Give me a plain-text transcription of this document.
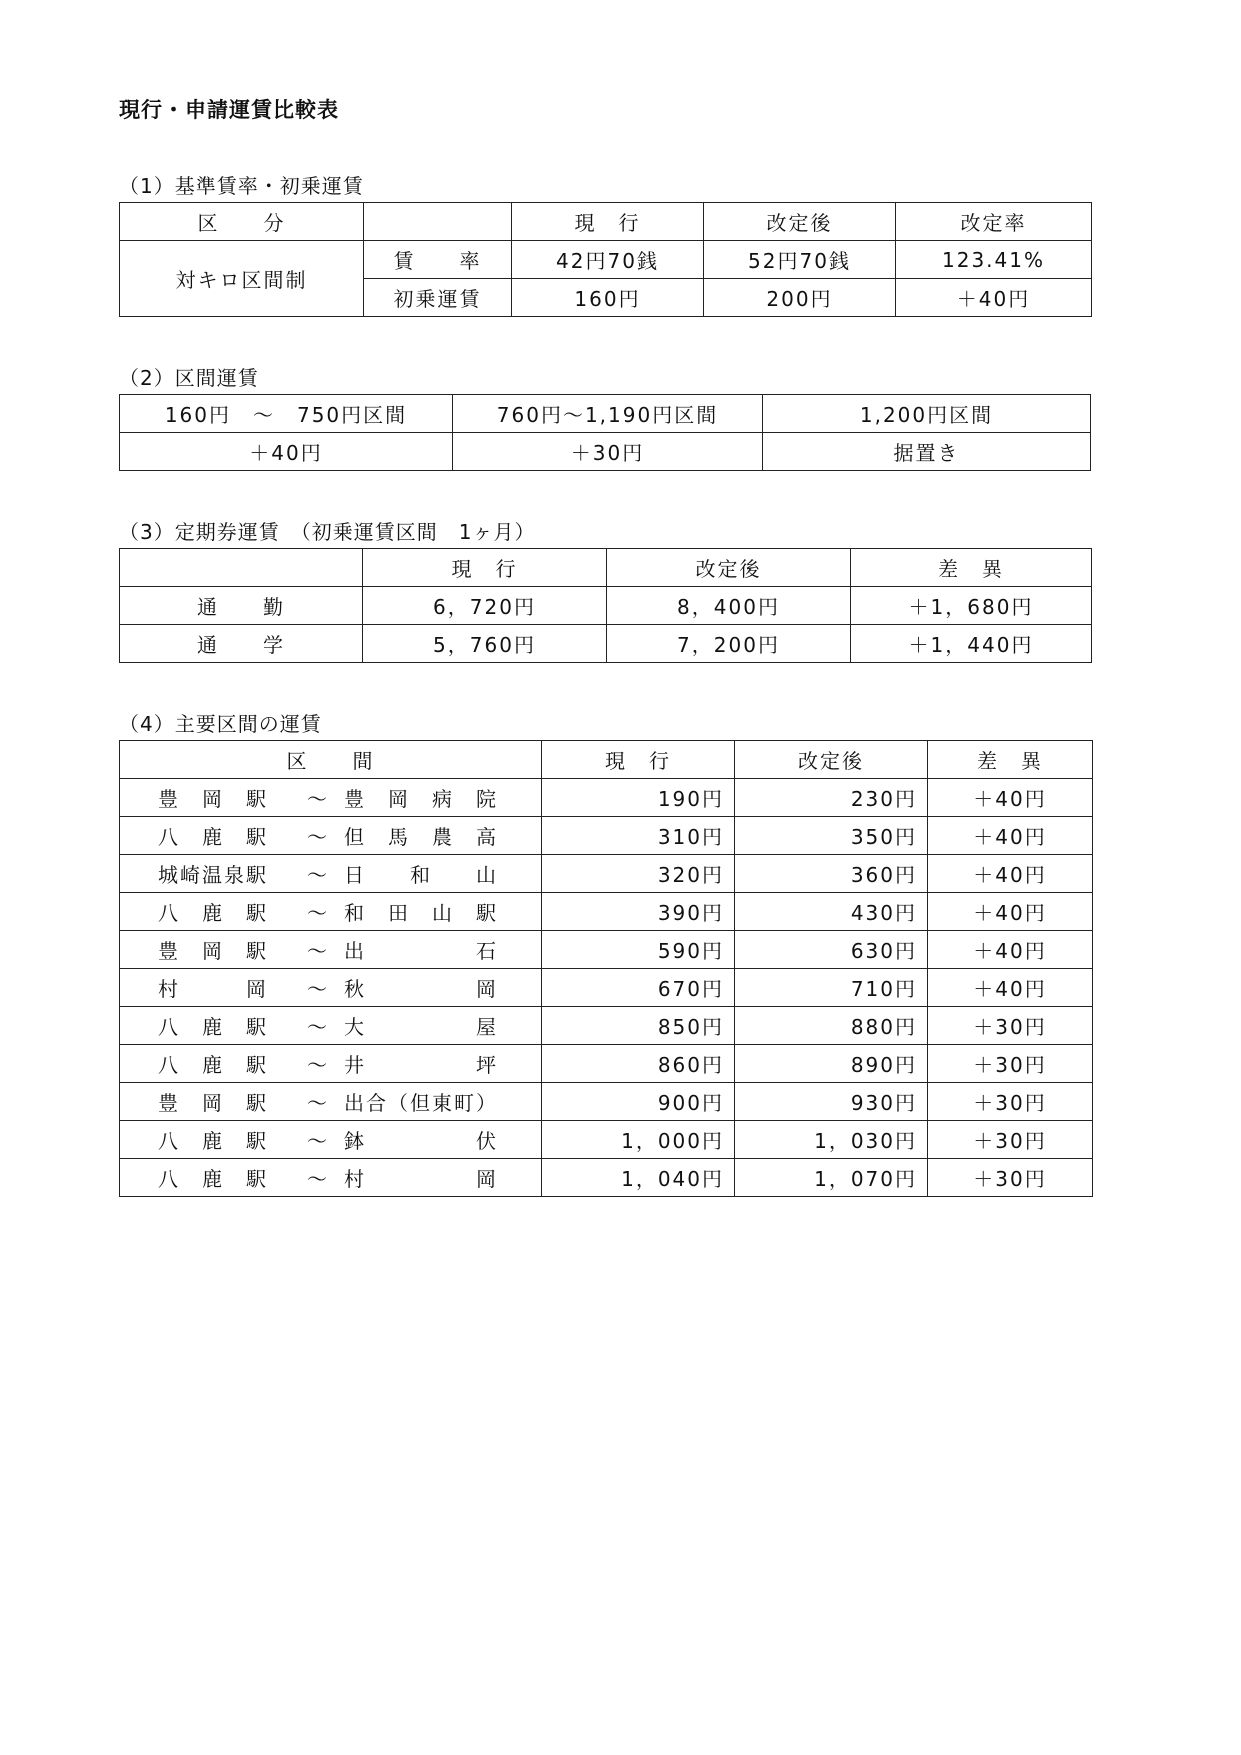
現行・申請運賃比較表
（1）基準賃率・初乗運賃
区　　分		現　行	改定後	改定率
対キロ区間制	賃　　率	42円70銭	52円70銭	123.41%
	初乗運賃	160円	200円	＋40円
（2）区間運賃
160円　～　750円区間	760円～1,190円区間	1,200円区間
＋40円	＋30円	据置き
（3）定期券運賃　（初乗運賃区間　1ヶ月）
	現　行	改定後	差　異
通　　勤	6，720円	8，400円	＋1，680円
通　　学	5，760円	7，200円	＋1，440円
（4）主要区間の運賃
区　　間	現　行	改定後	差　異
豊　岡　駅 ～ 豊　岡　病　院	190円	230円	＋40円
八　鹿　駅 ～ 但　馬　農　高	310円	350円	＋40円
城崎温泉駅 ～ 日　　和　　山	320円	360円	＋40円
八　鹿　駅 ～ 和　田　山　駅	390円	430円	＋40円
豊　岡　駅 ～ 出　　　　　石	590円	630円	＋40円
村　　　岡 ～ 秋　　　　　岡	670円	710円	＋40円
八　鹿　駅 ～ 大　　　　　屋	850円	880円	＋30円
八　鹿　駅 ～ 井　　　　　坪	860円	890円	＋30円
豊　岡　駅 ～ 出合（但東町）	900円	930円	＋30円
八　鹿　駅 ～ 鉢　　　　　伏	1，000円	1，030円	＋30円
八　鹿　駅 ～ 村　　　　　岡	1，040円	1，070円	＋30円
